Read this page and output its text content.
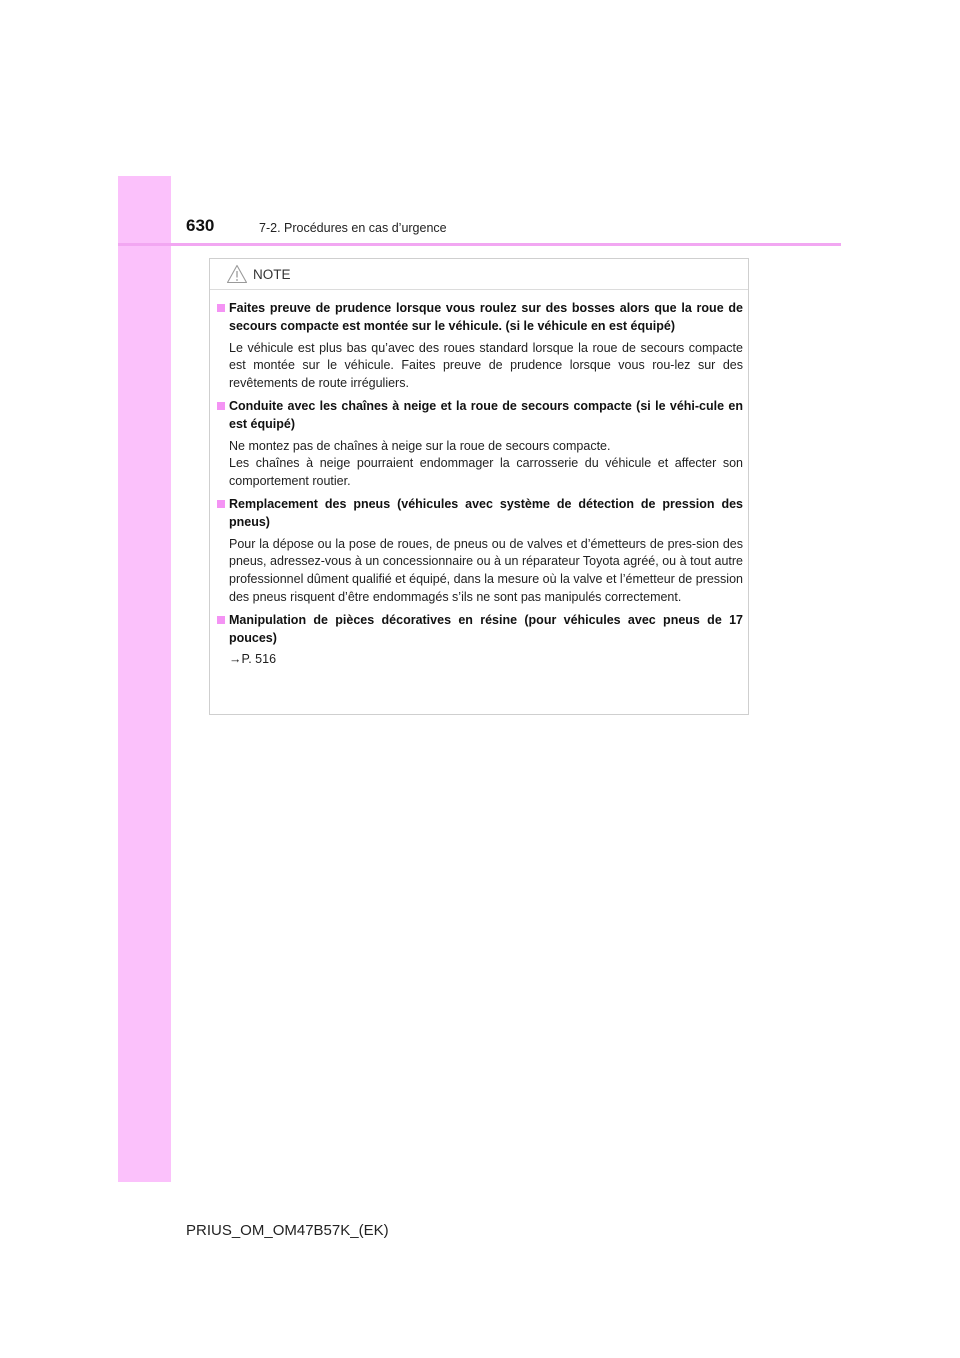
630	7-2. Procédures en cas d’urgence
NOTE
Faites preuve de prudence lorsque vous roulez sur des bosses alors que la roue de secours compacte est montée sur le véhicule. (si le véhicule en est équipé)

Le véhicule est plus bas qu’avec des roues standard lorsque la roue de secours compacte est montée sur le véhicule. Faites preuve de prudence lorsque vous rou-lez sur des revêtements de route irréguliers.

Conduite avec les chaînes à neige et la roue de secours compacte (si le véhi-cule en est équipé)

Ne montez pas de chaînes à neige sur la roue de secours compacte.

Les chaînes à neige pourraient endommager la carrosserie du véhicule et affecter son comportement routier.

Remplacement des pneus (véhicules avec système de détection de pression des pneus)

Pour la dépose ou la pose de roues, de pneus ou de valves et d’émetteurs de pres-sion des pneus, adressez-vous à un concessionnaire ou à un réparateur Toyota agréé, ou à tout autre professionnel dûment qualifié et équipé, dans la mesure où la valve et l’émetteur de pression des pneus risquent d’être endommagés s’ils ne sont pas manipulés correctement.

Manipulation de pièces décoratives en résine (pour véhicules avec pneus de 17 pouces)

→P. 516

PRIUS_OM_OM47B57K_(EK)
